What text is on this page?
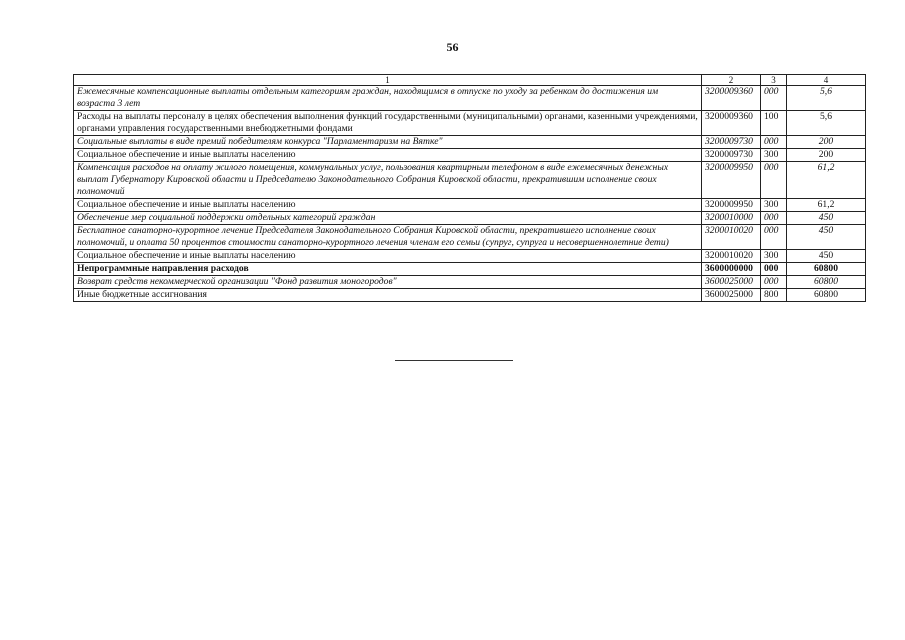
56
1	2	3	4
Ежемесячные компенсационные выплаты отдельным категориям граждан, находящимся в отпуске по уходу за ребенком до достижения им возраста 3 лет	3200009360	000	5,6
Расходы на выплаты персоналу в целях обеспечения выполнения функций государственными (муниципальными) органами, казенными учреждениями, органами управления государственными внебюджетными фондами	3200009360	100	5,6
Социальные выплаты в виде премий победителям конкурса "Парламентаризм на Вятке"	3200009730	000	200
Социальное обеспечение и иные выплаты населению	3200009730	300	200
Компенсация расходов на оплату жилого помещения, коммунальных услуг, пользования квартирным телефоном в виде ежемесячных денежных выплат Губернатору Кировской области и Председателю Законодательного Собрания Кировской области, прекратившим исполнение своих полномочий	3200009950	000	61,2
Социальное обеспечение и иные выплаты населению	3200009950	300	61,2
Обеспечение мер социальной поддержки отдельных категорий граждан	3200010000	000	450
Бесплатное санаторно-курортное лечение Председателя Законодательного Собрания Кировской области, прекратившего исполнение своих полномочий, и оплата 50 процентов стоимости санаторно-курортного лечения членам его семьи (супруг, супруга и несовершеннолетние дети)	3200010020	000	450
Социальное обеспечение и иные выплаты населению	3200010020	300	450
Непрограммные направления расходов	3600000000	000	60800
Возврат средств некоммерческой организации "Фонд развития моногородов"	3600025000	000	60800
Иные бюджетные ассигнования	3600025000	800	60800
